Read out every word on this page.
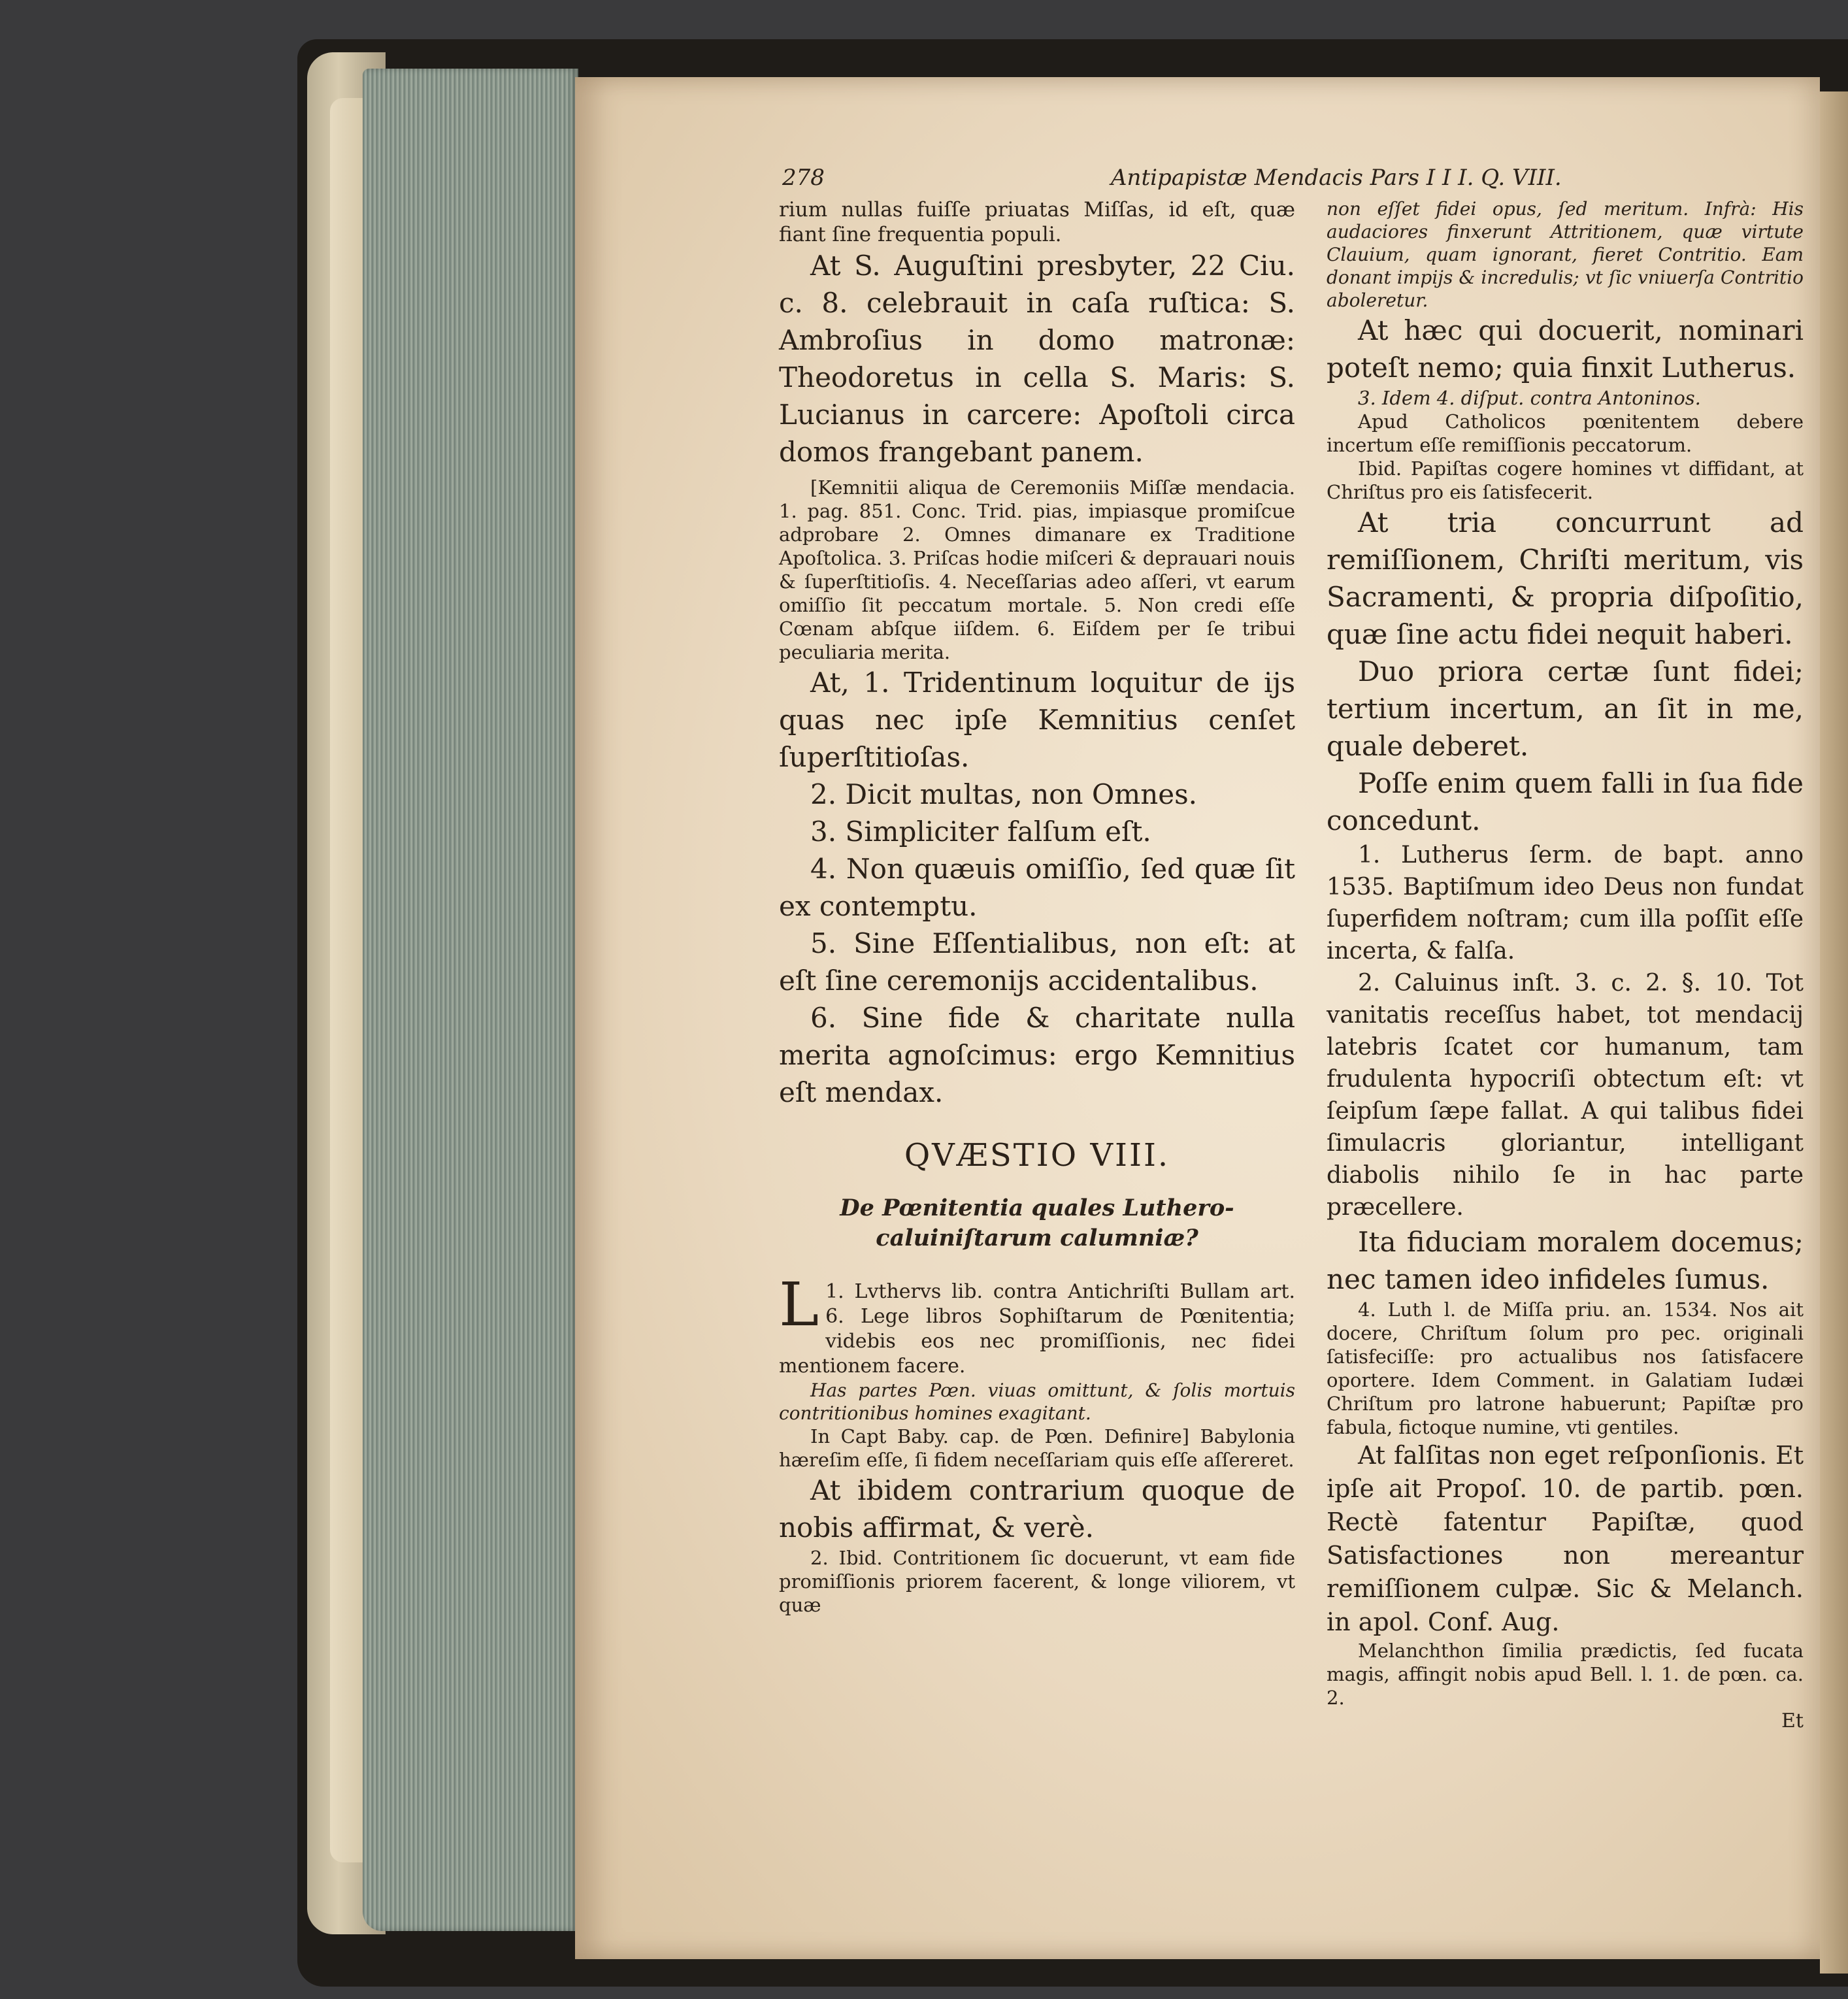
278	Antipapistæ Mendacis Pars I I I. Q. VIII.

rium nullas fuiſſe priuatas Miſſas, id eſt, quæ fiant ſine frequentia populi.

At S. Auguſtini presbyter, 22 Ciu. c. 8. celebrauit in caſa ruſtica: S. Ambroſius in domo matronæ: Theodoretus in cella S. Maris: S. Lucianus in carcere: Apoſtoli circa domos frangebant panem.

[Kemnitii aliqua de Ceremoniis Miſſæ mendacia. 1. pag. 851. Conc. Trid. pias, impiasque promiſcue adprobare 2. Omnes dimanare ex Traditione Apoſtolica. 3. Priſcas hodie miſceri & deprauari nouis & ſuperſtitioſis. 4. Neceſſarias adeo aſſeri, vt earum omiſſio ſit peccatum mortale. 5. Non credi eſſe Cœnam abſque iiſdem. 6. Eiſdem per ſe tribui peculiaria merita.

At, 1. Tridentinum loquitur de ijs quas nec ipſe Kemnitius cenſet ſuperſtitioſas.

2. Dicit multas, non Omnes.

3. Simpliciter falſum eſt.

4. Non quæuis omiſſio, ſed quæ ſit ex contemptu.

5. Sine Eſſentialibus, non eſt: at eſt ſine ceremonijs accidentalibus.

6. Sine fide & charitate nulla merita agnoſcimus: ergo Kemnitius eſt mendax.

QVÆSTIO VIII.

De Pœnitentia quales Luthero-caluiniſtarum calumniæ?

L 1. Lvthervs lib. contra Antichriſti Bullam art. 6. Lege libros Sophiſtarum de Pœnitentia; videbis eos nec promiſſionis, nec fidei mentionem facere.

Has partes Pœn. viuas omittunt, & ſolis mortuis contritionibus homines exagitant.

In Capt Baby. cap. de Pœn. Definire] Babylonia hæreſim eſſe, ſi fidem neceſſariam quis eſſe aſſereret.

At ibidem contrarium quoque de nobis affirmat, & verè.

2. Ibid. Contritionem ſic docuerunt, vt eam fide promiſſionis priorem facerent, & longe viliorem, vt quæ

non eſſet fidei opus, ſed meritum. Infrà: His audaciores finxerunt Attritionem, quæ virtute Clauium, quam ignorant, fieret Contritio. Eam donant impijs & incredulis; vt ſic vniuerſa Contritio aboleretur.

At hæc qui docuerit, nominari poteſt nemo; quia finxit Lutherus.

3. Idem 4. diſput. contra Antoninos.

Apud Catholicos pœnitentem debere incertum eſſe remiſſionis peccatorum.

Ibid. Papiſtas cogere homines vt diffidant, at Chriſtus pro eis ſatisfecerit.

At tria concurrunt ad remiſſionem, Chriſti meritum, vis Sacramenti, & propria diſpoſitio, quæ ſine actu fidei nequit haberi.

Duo priora certæ ſunt fidei; tertium incertum, an ſit in me, quale deberet.

Poſſe enim quem falli in ſua fide concedunt.

1. Lutherus ſerm. de bapt. anno 1535. Baptiſmum ideo Deus non fundat ſuperfidem noſtram; cum illa poſſit eſſe incerta, & falſa.

2. Caluinus inſt. 3. c. 2. §. 10. Tot vanitatis receſſus habet, tot mendacij latebris ſcatet cor humanum, tam frudulenta hypocriſi obtectum eſt: vt ſeipſum ſæpe fallat. A qui talibus fidei ſimulacris gloriantur, intelligant diabolis nihilo ſe in hac parte præcellere.

Ita fiduciam moralem docemus; nec tamen ideo infideles ſumus.

4. Luth l. de Miſſa priu. an. 1534. Nos ait docere, Chriſtum ſolum pro pec. originali ſatisfeciſſe: pro actualibus nos ſatisfacere oportere. Idem Comment. in Galatiam Iudæi Chriſtum pro latrone habuerunt; Papiſtæ pro fabula, fictoque numine, vti gentiles.

At falſitas non eget reſponſionis. Et ipſe ait Propoſ. 10. de partib. pœn. Rectè fatentur Papiſtæ, quod Satisfactiones non mereantur remiſſionem culpæ. Sic & Melanch. in apol. Conf. Aug.

Melanchthon ſimilia prædictis, ſed fucata magis, affingit nobis apud Bell. l. 1. de pœn. ca. 2.

Et
